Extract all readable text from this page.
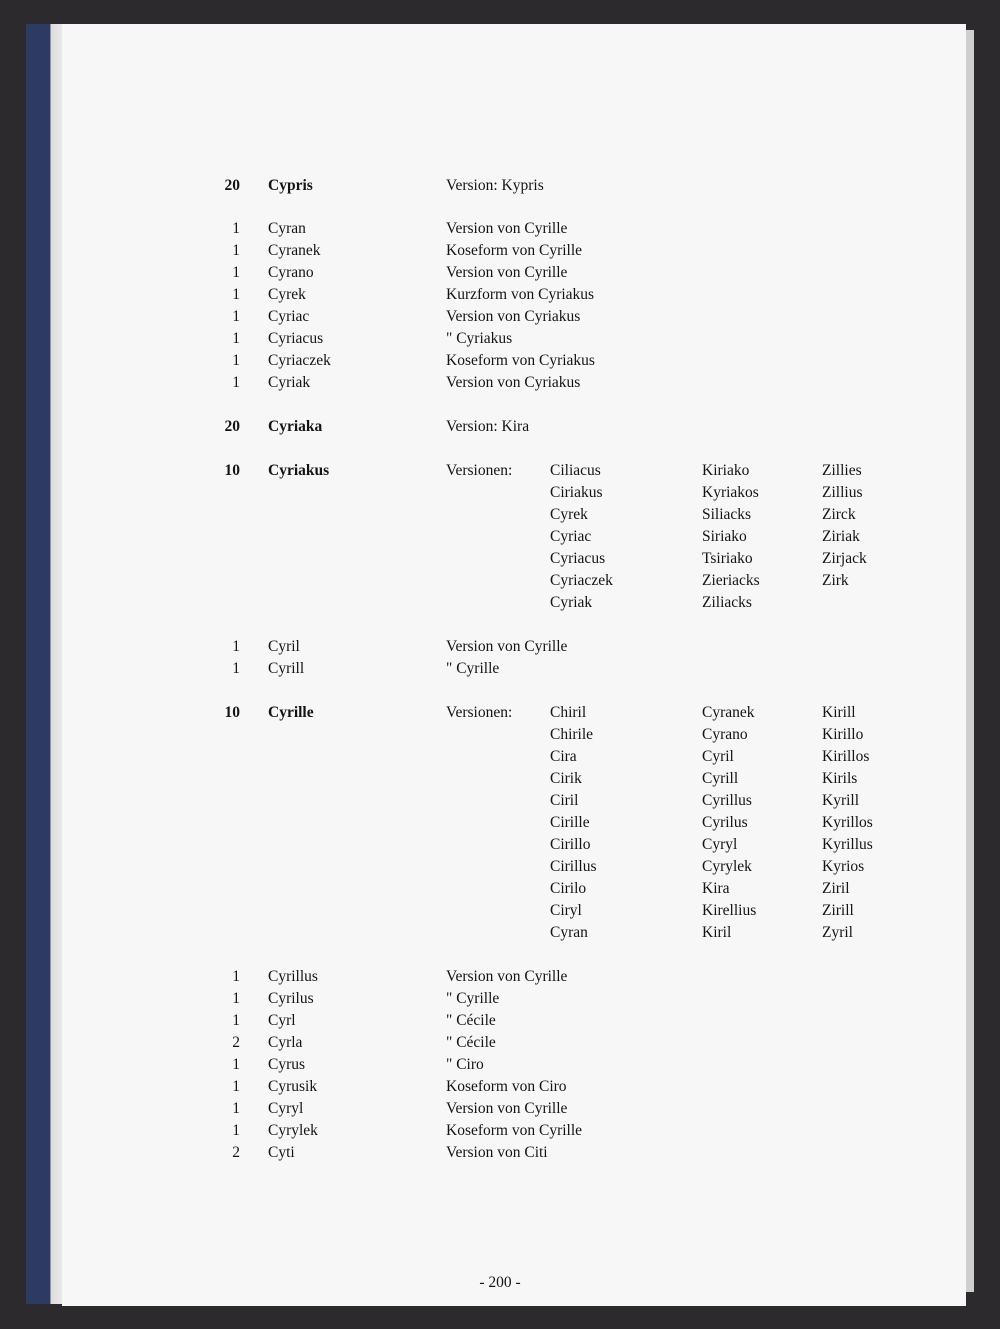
20 Cypris	Version: Kypris
1 Cyran	Version von Cyrille
1 Cyranek	Koseform von Cyrille
1 Cyrano	Version von Cyrille
1 Cyrek	Kurzform von Cyriakus
1 Cyriac	Version von Cyriakus
1 Cyriacus	" Cyriakus
1 Cyriaczek	Koseform von Cyriakus
1 Cyriak	Version von Cyriakus
20 Cyriaka	Version: Kira
10 Cyriakus	Versionen: Ciliacus	Kiriako	Zillies
Ciriakus	Kyriakos	Zillius
Cyrek	Siliacks	Zirck
Cyriac	Siriako	Ziriak
Cyriacus	Tsiriako	Zirjack
Cyriaczek	Zieriacks	Zirk
Cyriak	Ziliacks
1 Cyril	Version von Cyrille
1 Cyrill	" Cyrille
10 Cyrille	Versionen: Chiril	Cyranek	Kirill
Chirile	Cyrano	Kirillo
Cira	Cyril	Kirillos
Cirik	Cyrill	Kirils
Ciril	Cyrillus	Kyrill
Cirille	Cyrilus	Kyrillos
Cirillo	Cyryl	Kyrillus
Cirillus	Cyrylek	Kyrios
Cirilo	Kira	Ziril
Ciryl	Kirellius	Zirill
Cyran	Kiril	Zyril
1 Cyrillus	Version von Cyrille
1 Cyrilus	" Cyrille
1 Cyrl	" Cécile
2 Cyrla	" Cécile
1 Cyrus	" Ciro
1 Cyrusik	Koseform von Ciro
1 Cyryl	Version von Cyrille
1 Cyrylek	Koseform von Cyrille
2 Cyti	Version von Citi
- 200 -
